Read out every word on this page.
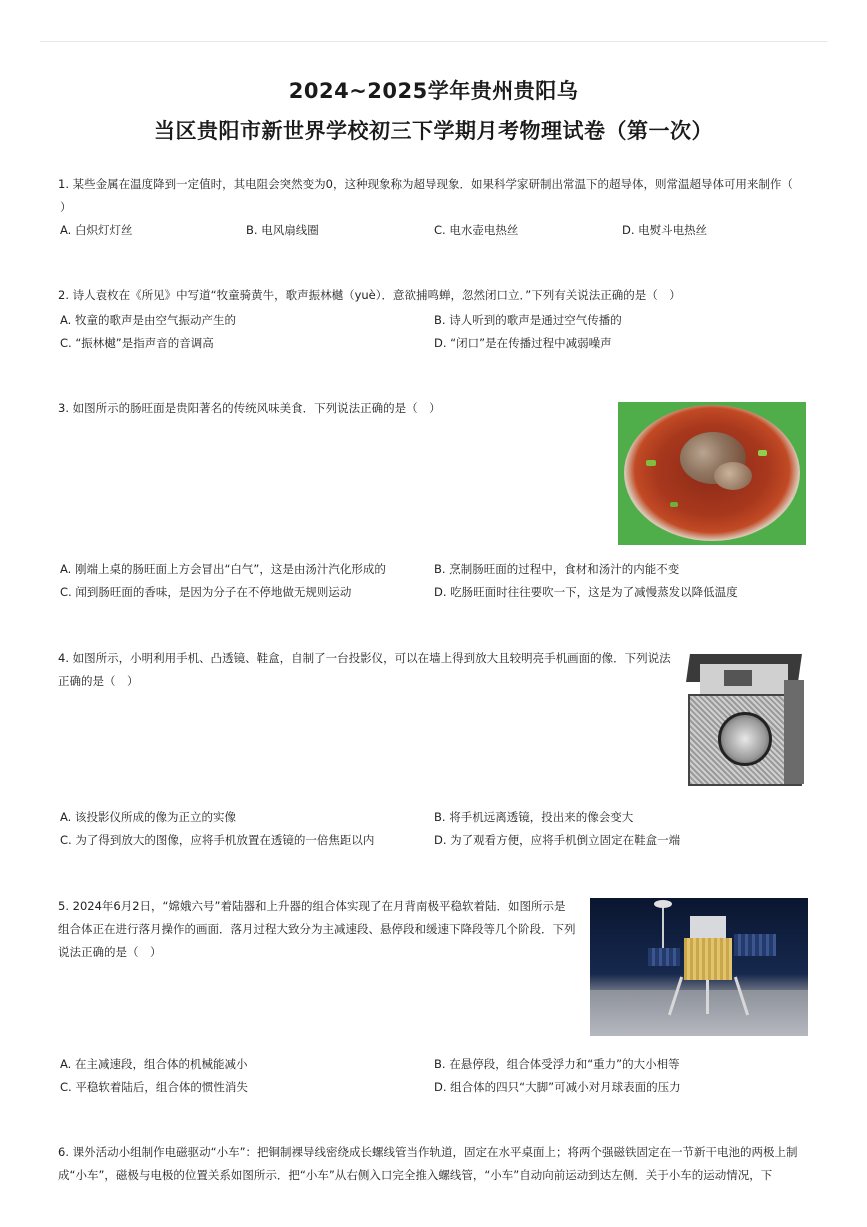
2024~2025学年贵州贵阳乌
当区贵阳市新世界学校初三下学期月考物理试卷（第一次）
1. 某些金属在温度降到一定值时，其电阻会突然变为0，这种现象称为超导现象．如果科学家研制出常温下的超导体，则常温超导体可用来制作（
）
A. 白炽灯灯丝	B. 电风扇线圈	C. 电水壶电热丝	D. 电熨斗电热丝
2. 诗人袁枚在《所见》中写道“牧童骑黄牛，歌声振林樾（yuè）．意欲捕鸣蝉，忽然闭口立．”下列有关说法正确的是（　）
A. 牧童的歌声是由空气振动产生的	B. 诗人听到的歌声是通过空气传播的
C. “振林樾”是指声音的音调高	D. “闭口”是在传播过程中减弱噪声
3. 如图所示的肠旺面是贵阳著名的传统风味美食．下列说法正确的是（　）
A. 刚端上桌的肠旺面上方会冒出“白气”，这是由汤汁汽化形成的	B. 烹制肠旺面的过程中，食材和汤汁的内能不变
C. 闻到肠旺面的香味，是因为分子在不停地做无规则运动	D. 吃肠旺面时往往要吹一下，这是为了减慢蒸发以降低温度
4. 如图所示，小明利用手机、凸透镜、鞋盒，自制了一台投影仪，可以在墙上得到放大且较明亮手机画面的像．下列说法
正确的是（　）
A. 该投影仪所成的像为正立的实像	B. 将手机远离透镜，投出来的像会变大
C. 为了得到放大的图像，应将手机放置在透镜的一倍焦距以内	D. 为了观看方便，应将手机倒立固定在鞋盒一端
5. 2024年6月2日，“嫦娥六号”着陆器和上升器的组合体实现了在月背南极平稳软着陆．如图所示是
组合体正在进行落月操作的画面．落月过程大致分为主减速段、悬停段和缓速下降段等几个阶段．下列
说法正确的是（　）
A. 在主减速段，组合体的机械能减小	B. 在悬停段，组合体受浮力和“重力”的大小相等
C. 平稳软着陆后，组合体的惯性消失	D. 组合体的四只“大脚”可减小对月球表面的压力
6. 课外活动小组制作电磁驱动“小车”：把铜制裸导线密绕成长螺线管当作轨道，固定在水平桌面上；将两个强磁铁固定在一节新干电池的两极上制
成“小车”，磁极与电极的位置关系如图所示．把“小车”从右侧入口完全推入螺线管，“小车”自动向前运动到达左侧．关于小车的运动情况，下
